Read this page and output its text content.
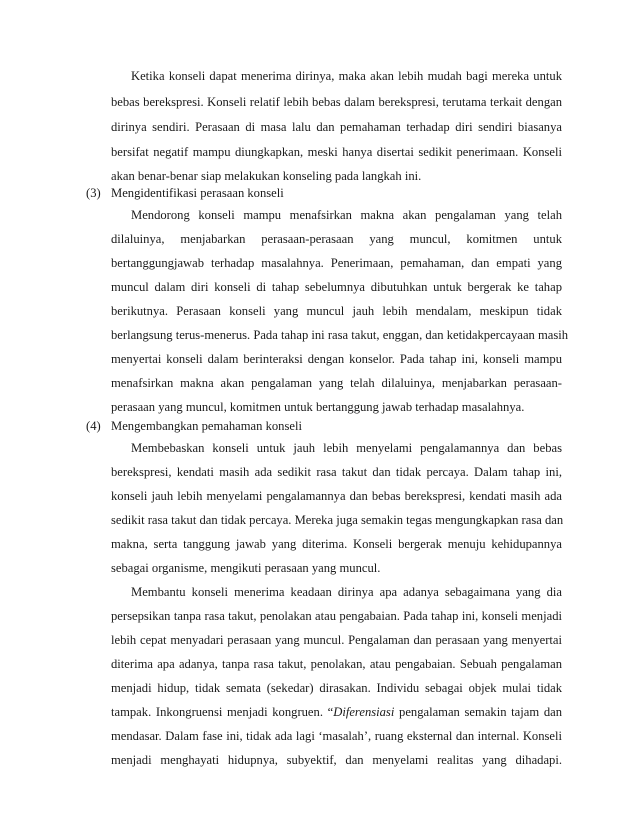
Ketika konseli dapat menerima dirinya, maka akan lebih mudah bagi mereka untuk
bebas berekspresi. Konseli relatif lebih bebas dalam berekspresi, terutama terkait dengan
dirinya sendiri. Perasaan di masa lalu dan pemahaman terhadap diri sendiri biasanya
bersifat negatif mampu diungkapkan, meski hanya disertai sedikit penerimaan. Konseli
akan benar-benar siap melakukan konseling pada langkah ini.
(3) Mengidentifikasi perasaan konseli
Mendorong konseli mampu menafsirkan makna akan pengalaman yang telah
dilaluinya, menjabarkan perasaan-perasaan yang muncul, komitmen untuk
bertanggungjawab terhadap masalahnya. Penerimaan, pemahaman, dan empati yang
muncul dalam diri konseli di tahap sebelumnya dibutuhkan untuk bergerak ke tahap
berikutnya. Perasaan konseli yang muncul jauh lebih mendalam, meskipun tidak
berlangsung terus-menerus. Pada tahap ini rasa takut, enggan, dan ketidakpercayaan masih
menyertai konseli dalam berinteraksi dengan konselor. Pada tahap ini, konseli mampu
menafsirkan makna akan pengalaman yang telah dilaluinya, menjabarkan perasaan-
perasaan yang muncul, komitmen untuk bertanggung jawab terhadap masalahnya.
(4) Mengembangkan pemahaman konseli
Membebaskan konseli untuk jauh lebih menyelami pengalamannya dan bebas
berekspresi, kendati masih ada sedikit rasa takut dan tidak percaya. Dalam tahap ini,
konseli jauh lebih menyelami pengalamannya dan bebas berekspresi, kendati masih ada
sedikit rasa takut dan tidak percaya. Mereka juga semakin tegas mengungkapkan rasa dan
makna, serta tanggung jawab yang diterima. Konseli bergerak menuju kehidupannya
sebagai organisme, mengikuti perasaan yang muncul.
Membantu konseli menerima keadaan dirinya apa adanya sebagaimana yang dia
persepsikan tanpa rasa takut, penolakan atau pengabaian. Pada tahap ini, konseli menjadi
lebih cepat menyadari perasaan yang muncul. Pengalaman dan perasaan yang menyertai
diterima apa adanya, tanpa rasa takut, penolakan, atau pengabaian. Sebuah pengalaman
menjadi hidup, tidak semata (sekedar) dirasakan. Individu sebagai objek mulai tidak
tampak. Inkongruensi menjadi kongruen. “Diferensiasi pengalaman semakin tajam dan
mendasar. Dalam fase ini, tidak ada lagi ‘masalah’, ruang eksternal dan internal. Konseli
menjadi menghayati hidupnya, subyektif, dan menyelami realitas yang dihadapi.
